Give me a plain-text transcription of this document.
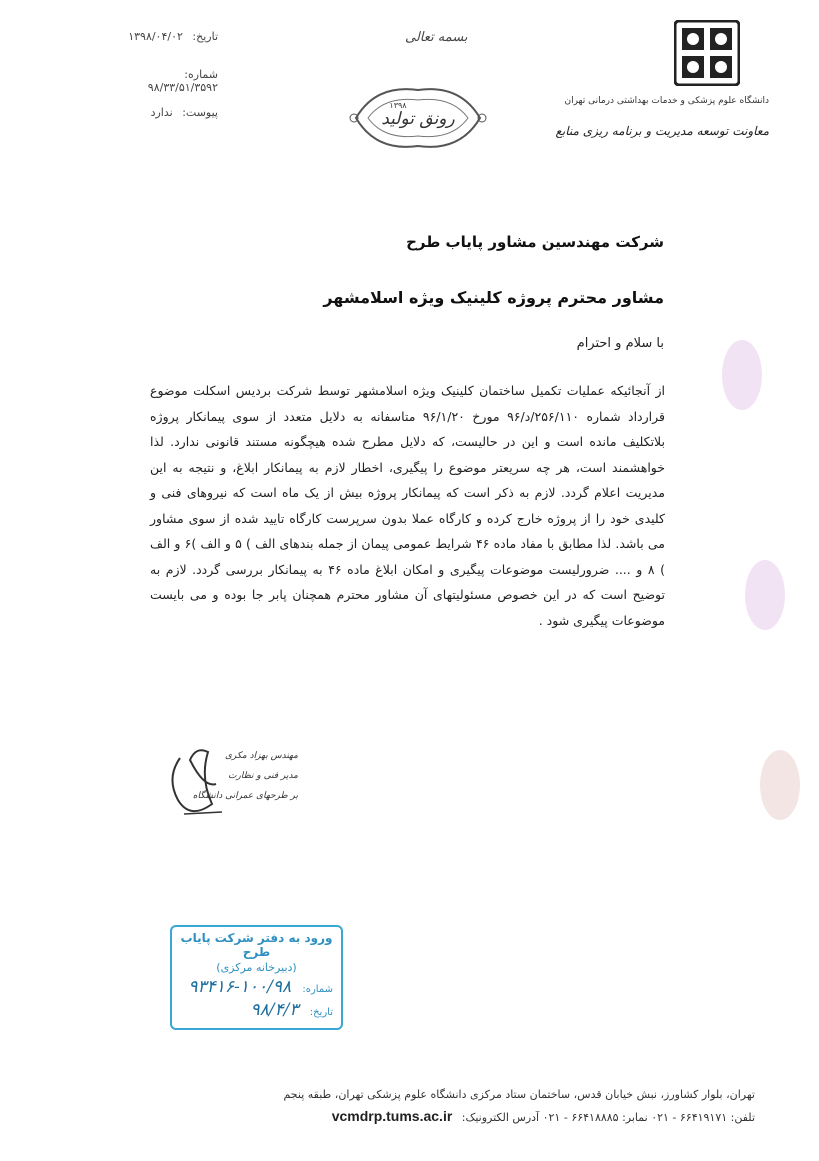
تاریخ: ۱۳۹۸/۰۴/۰۲
شماره: ۹۸/۳۳/۵۱/۳۵۹۲
پیوست: ندارد
بسمه تعالی
رونق تولید
۱۳۹۸	دانشگاه علوم پزشکی و خدمات بهداشتی درمانی تهران
معاونت توسعه مدیریت و برنامه ریزی منابع
شرکت مهندسین مشاور پایاب طرح
مشاور محترم پروژه کلینیک ویژه اسلامشهر
با سلام و احترام
از آنجائیکه عملیات تکمیل ساختمان کلینیک ویژه اسلامشهر توسط شرکت بردیس اسکلت موضوع قرارداد شماره ۲۵۶/۱۱۰/د/۹۶ مورخ ۹۶/۱/۲۰ متاسفانه به دلایل متعدد از سوی پیمانکار پروژه بلاتکلیف مانده است و این در حالیست، که دلایل مطرح شده هیچگونه مستند قانونی ندارد. لذا خواهشمند است، هر چه سریعتر موضوع را پیگیری، اخطار لازم به پیمانکار ابلاغ، و نتیجه به این مدیریت اعلام گردد. لازم به ذکر است که پیمانکار پروژه بیش از یک ماه است که نیروهای فنی و کلیدی خود را از پروژه خارج کرده و کارگاه عملا بدون سرپرست کارگاه تایید شده از سوی مشاور می باشد. لذا مطابق با مفاد ماده ۴۶ شرایط عمومی پیمان از جمله بندهای الف ) ۵ و الف )۶ و الف ) ۸ و .... ضرورلیست موضوعات پیگیری و امکان ابلاغ ماده ۴۶ به پیمانکار بررسی گردد. لازم به توضیح است که در این خصوص مسئولیتهای آن مشاور محترم همچنان پابر جا بوده و می بایست موضوعات پیگیری شود .
مهندس بهزاد مکری
مدیر فنی و نظارت
بر طرحهای عمرانی دانشگاه
ورود به دفتر شرکت پایاب طرح
(دبیرخانه مرکزی)
شماره: ۱۰۰/۹۸-۹۳۴۱۶
تاریخ: ۹۸/۴/۳
تهران، بلوار کشاورز، نبش خیابان قدس، ساختمان ستاد مرکزی دانشگاه علوم پزشکی تهران، طبقه پنجم
تلفن: ۶۶۴۱۹۱۷۱ - ۰۲۱ نمابر: ۶۶۴۱۸۸۸۵ - ۰۲۱ آدرس الکترونیک: vcmdrp.tums.ac.ir
